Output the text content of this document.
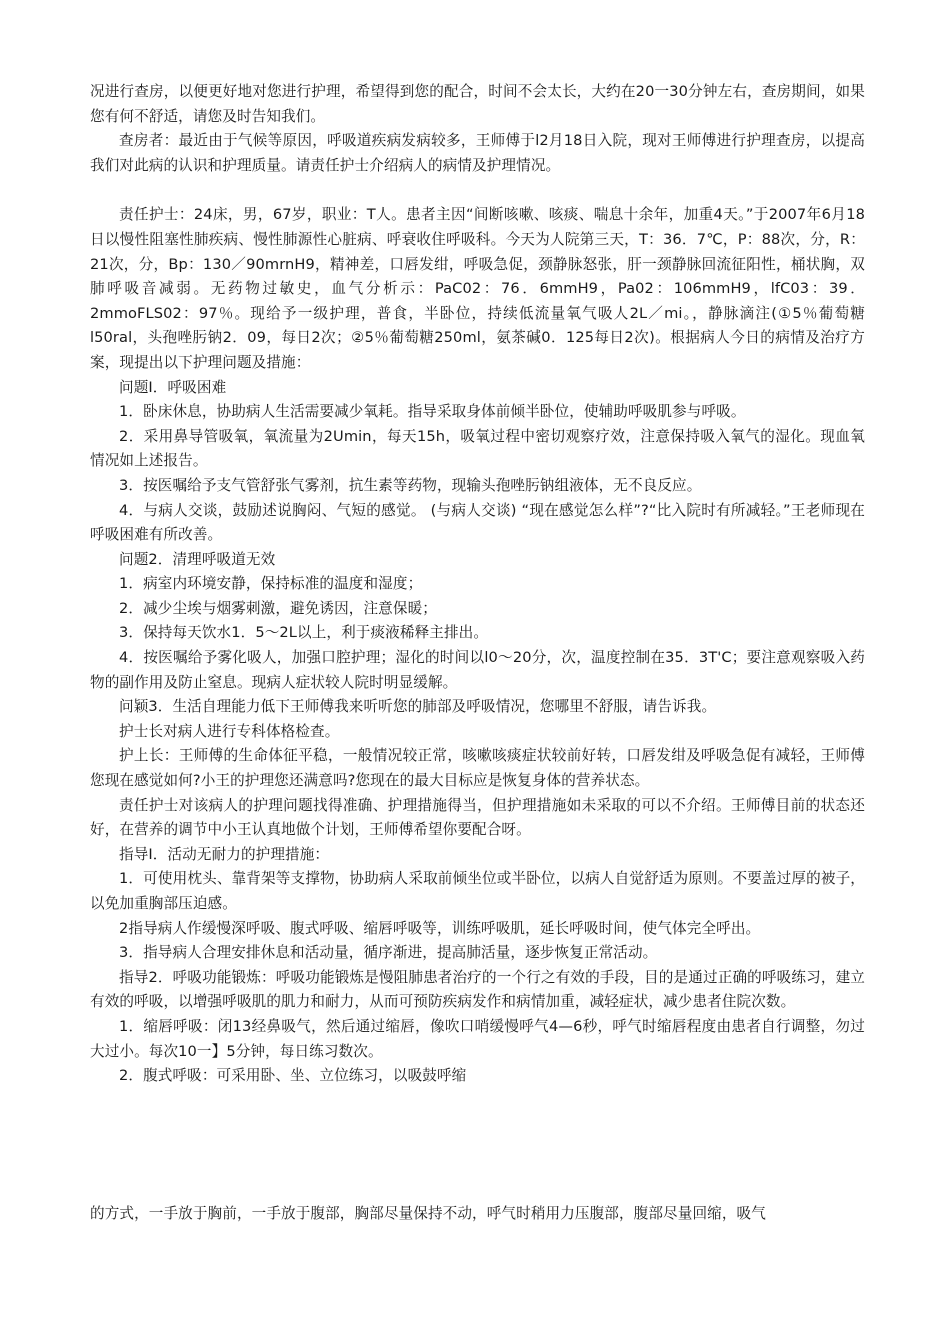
况进行查房，以便更好地对您进行护理，希望得到您的配合，时间不会太长，大约在20一30分钟左右，查房期间，如果您有何不舒适，请您及时告知我们。

查房者：最近由于气候等原因，呼吸道疾病发病较多，王师傅于l2月18日入院，现对王师傅进行护理查房，以提高我们对此病的认识和护理质量。请责任护士介绍病人的病情及护理情况。

责任护士：24床，男，67岁，职业：T人。患者主因“间断咳嗽、咳痰、喘息十余年，加重4天。”于2007年6月18日以慢性阻塞性肺疾病、慢性肺源性心脏病、呼衰收住呼吸科。今天为人院第三天，T：36．7℃，P：88次，分，R：21次，分，Bp：130／90mrnH9，精神差，口唇发绀，呼吸急促，颈静脉怒张，肝一颈静脉回流征阳性，桶状胸，双肺呼吸音减弱。无药物过敏史，血气分析示：PaC02：76．6mmH9，Pa02：106mmH9，lfC03：39．2mmoFLS02：97％。现给予一级护理，普食，半卧位，持续低流量氧气吸人2L／mi。，静脉滴注(①5％葡萄糖l50ral，头孢唑肟钠2．09，每日2次；②5％葡萄糖250ml，氨茶碱0．125每日2次)。根据病人今日的病情及治疗方案，现提出以下护理问题及措施：

问题I．呼吸困难

1．卧床休息，协助病人生活需要减少氧耗。指导采取身体前倾半卧位，使辅助呼吸肌参与呼吸。

2．采用鼻导管吸氧，氧流量为2Umin，每天15h，吸氧过程中密切观察疗效，注意保持吸入氧气的湿化。现血氧情况如上述报告。

3．按医嘱给予支气管舒张气雾剂，抗生素等药物，现输头孢唑肟钠组液体，无不良反应。

4．与病人交谈，鼓励述说胸闷、气短的感觉。 (与病人交谈) “现在感觉怎么样”?“比入院时有所减轻。”王老师现在呼吸困难有所改善。

问题2．清理呼吸道无效

1．病室内环境安静，保持标准的温度和湿度；

2．减少尘埃与烟雾刺激，避免诱因，注意保暖；

3．保持每天饮水1．5～2L以上，利于痰液稀释主排出。

4．按医嘱给予雾化吸人，加强口腔护理；湿化的时间以l0～20分，次，温度控制在35．3T'C；要注意观察吸入药物的副作用及防止窒息。现病人症状较人院时明显缓解。

问颖3．生活自理能力低下王师傅我来听听您的肺部及呼吸情况，您哪里不舒服，请告诉我。

护士长对病人进行专科体格检查。

护上长：王师傅的生命体征平稳，一般情况较正常，咳嗽咳痰症状较前好转，口唇发绀及呼吸急促有减轻，王师傅您现在感觉如何?小王的护理您还满意吗?您现在的最大目标应是恢复身体的营养状态。

责任护士对该病人的护理问题找得准确、护理措施得当，但护理措施如未采取的可以不介绍。王师傅目前的状态还好，在营养的调节中小王认真地做个计划，王师傅希望你要配合呀。

指导I．活动无耐力的护理措施：

1．可使用枕头、靠背架等支撑物，协助病人采取前倾坐位或半卧位，以病人自觉舒适为原则。不要盖过厚的被子，以免加重胸部压迫感。

2指导病人作缓慢深呼吸、腹式呼吸、缩唇呼吸等，训练呼吸肌，延长呼吸时间，使气体完全呼出。

3．指导病人合理安排休息和活动量，循序渐进，提高肺活量，逐步恢复正常活动。

指导2．呼吸功能锻炼：呼吸功能锻炼是慢阻肺患者治疗的一个行之有效的手段，目的是通过正确的呼吸练习，建立有效的呼吸，以增强呼吸肌的肌力和耐力，从而可预防疾病发作和病情加重，减轻症状，减少患者住院次数。

1．缩唇呼吸：闭13经鼻吸气，然后通过缩唇，像吹口哨缓慢呼气4—6秒，呼气时缩唇程度由患者自行调整，勿过大过小。每次10一】5分钟，每日练习数次。

2．腹式呼吸：可采用卧、坐、立位练习，以吸鼓呼缩

的方式，一手放于胸前，一手放于腹部，胸部尽量保持不动，呼气时稍用力压腹部，腹部尽量回缩，吸气
